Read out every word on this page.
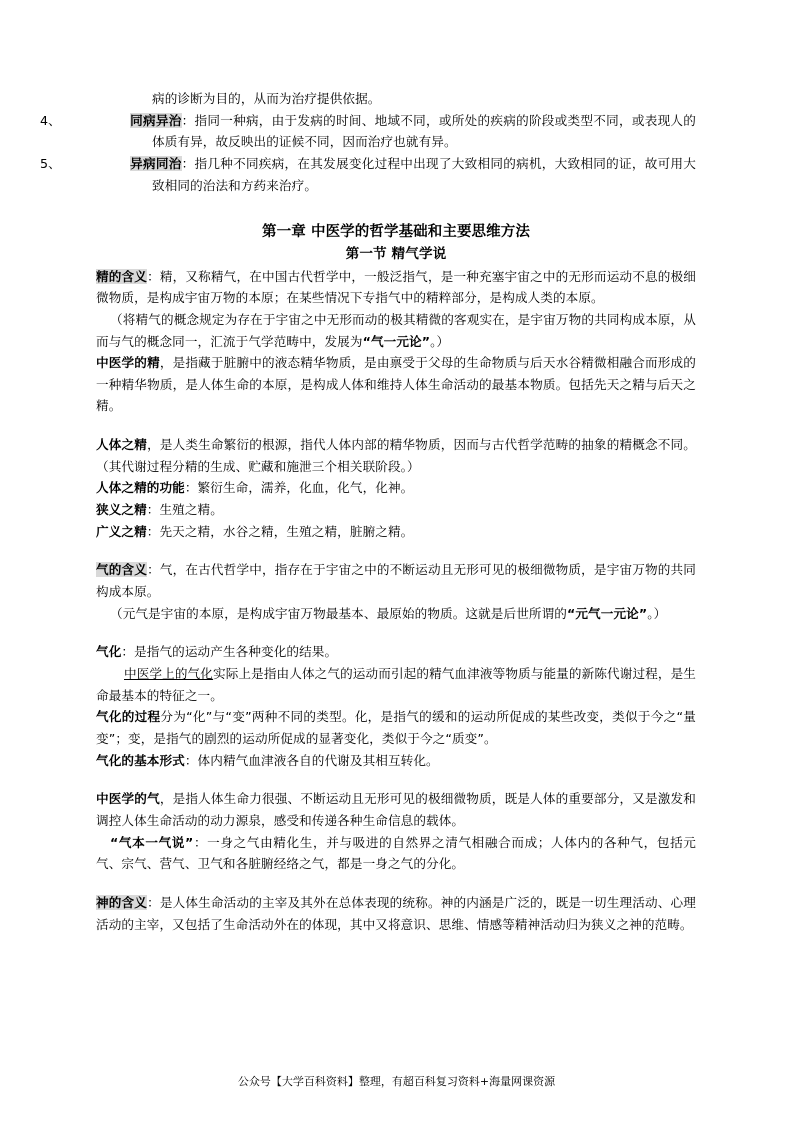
病的诊断为目的，从而为治疗提供依据。

4、	同病异治：指同一种病，由于发病的时间、地域不同，或所处的疾病的阶段或类型不同，或表现人的体质有异，故反映出的证候不同，因而治疗也就有异。

5、	异病同治：指几种不同疾病，在其发展变化过程中出现了大致相同的病机，大致相同的证，故可用大致相同的治法和方药来治疗。

第一章 中医学的哲学基础和主要思维方法

第一节 精气学说

精的含义：精，又称精气，在中国古代哲学中，一般泛指气，是一种充塞宇宙之中的无形而运动不息的极细微物质，是构成宇宙万物的本原；在某些情况下专指气中的精粹部分，是构成人类的本原。

（将精气的概念规定为存在于宇宙之中无形而动的极其精微的客观实在，是宇宙万物的共同构成本原，从而与气的概念同一，汇流于气学范畴中，发展为“气一元论”。）

中医学的精，是指藏于脏腑中的液态精华物质，是由禀受于父母的生命物质与后天水谷精微相融合而形成的一种精华物质，是人体生命的本原，是构成人体和维持人体生命活动的最基本物质。包括先天之精与后天之精。

人体之精，是人类生命繁衍的根源，指代人体内部的精华物质，因而与古代哲学范畴的抽象的精概念不同。（其代谢过程分精的生成、贮藏和施泄三个相关联阶段。）

人体之精的功能：繁衍生命，濡养，化血，化气，化神。

狭义之精：生殖之精。

广义之精：先天之精，水谷之精，生殖之精，脏腑之精。

气的含义：气，在古代哲学中，指存在于宇宙之中的不断运动且无形可见的极细微物质，是宇宙万物的共同构成本原。

（元气是宇宙的本原，是构成宇宙万物最基本、最原始的物质。这就是后世所谓的“元气一元论”。）

气化：是指气的运动产生各种变化的结果。

中医学上的气化实际上是指由人体之气的运动而引起的精气血津液等物质与能量的新陈代谢过程，是生命最基本的特征之一。

气化的过程分为“化”与“变”两种不同的类型。化，是指气的缓和的运动所促成的某些改变，类似于今之“量变”；变，是指气的剧烈的运动所促成的显著变化，类似于今之“质变”。

气化的基本形式：体内精气血津液各自的代谢及其相互转化。

中医学的气，是指人体生命力很强、不断运动且无形可见的极细微物质，既是人体的重要部分，又是激发和调控人体生命活动的动力源泉，感受和传递各种生命信息的载体。

“气本一气说”：一身之气由精化生，并与吸进的自然界之清气相融合而成；人体内的各种气，包括元气、宗气、营气、卫气和各脏腑经络之气，都是一身之气的分化。

神的含义：是人体生命活动的主宰及其外在总体表现的统称。神的内涵是广泛的，既是一切生理活动、心理活动的主宰，又包括了生命活动外在的体现，其中又将意识、思维、情感等精神活动归为狭义之神的范畴。

公众号【大学百科资料】整理，有超百科复习资料+海量网课资源
